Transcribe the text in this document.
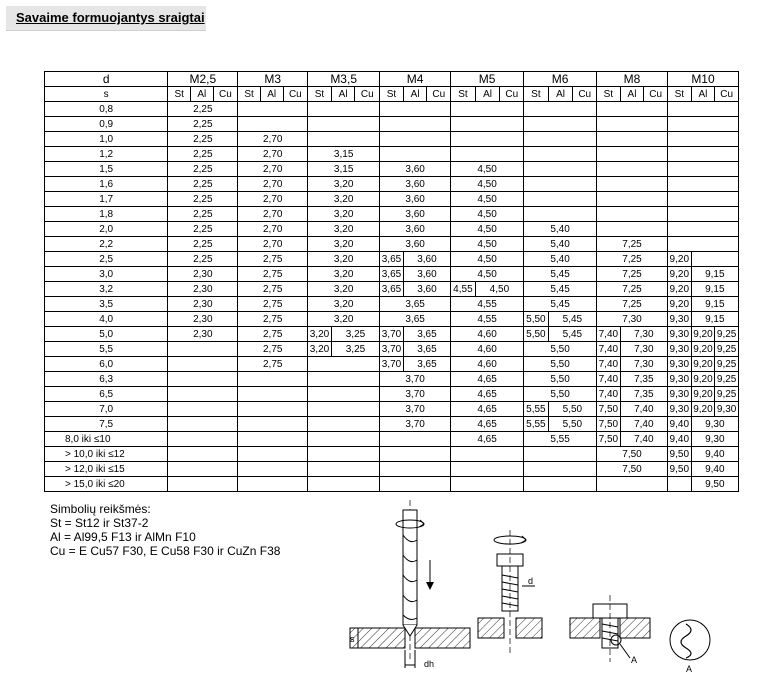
Savaime formuojantys sraigtai
d	M2,5			M3			M3,5			M4			M5			M6			M8			M10		
s	St	Al	Cu	St	Al	Cu	St	Al	Cu	St	Al	Cu	St	Al	Cu	St	Al	Cu	St	Al	Cu	St	Al	Cu
0,8	2,25																							
0,9	2,25																							
1,0	2,25			2,70																				
1,2	2,25			2,70			3,15																	
1,5	2,25			2,70			3,15			3,60			4,50											
1,6	2,25			2,70			3,20			3,60			4,50											
1,7	2,25			2,70			3,20			3,60			4,50											
1,8	2,25			2,70			3,20			3,60			4,50											
2,0	2,25			2,70			3,20			3,60			4,50			5,40								
2,2	2,25			2,70			3,20			3,60			4,50			5,40			7,25					
2,5	2,25			2,75			3,20			3,65	3,60		4,50			5,40			7,25			9,20		
3,0	2,30			2,75			3,20			3,65	3,60		4,50			5,45			7,25			9,20	9,15	
3,2	2,30			2,75			3,20			3,65	3,60		4,55	4,50		5,45			7,25			9,20	9,15	
3,5	2,30			2,75			3,20			3,65			4,55			5,45			7,25			9,20	9,15	
4,0	2,30			2,75			3,20			3,65			4,55			5,50	5,45		7,30			9,30	9,15	
5,0	2,30			2,75			3,20	3,25		3,70	3,65		4,60			5,50	5,45		7,40	7,30		9,30	9,20	9,25
5,5				2,75			3,20	3,25		3,70	3,65		4,60			5,50			7,40	7,30		9,30	9,20	9,25
6,0				2,75						3,70	3,65		4,60			5,50			7,40	7,30		9,30	9,20	9,25
6,3										3,70			4,65			5,50			7,40	7,35		9,30	9,20	9,25
6,5										3,70			4,65			5,50			7,40	7,35		9,30	9,20	9,25
7,0										3,70			4,65			5,55	5,50		7,50	7,40		9,30	9,20	9,30
7,5										3,70			4,65			5,55	5,50		7,50	7,40		9,40	9,30	
8,0 iki ≤10													4,65			5,55			7,50	7,40		9,40	9,30	
> 10,0 iki ≤12																			7,50			9,50	9,40	
> 12,0 iki ≤15																			7,50			9,50	9,40	
> 15,0 iki ≤20																							9,50	
Simbolių reikšmės:
St = St12 ir St37-2
Al = Al99,5 F13 ir AlMn F10
Cu = E Cu57 F30, E Cu58 F30 ir CuZn F38
s
dh
d
A
A
